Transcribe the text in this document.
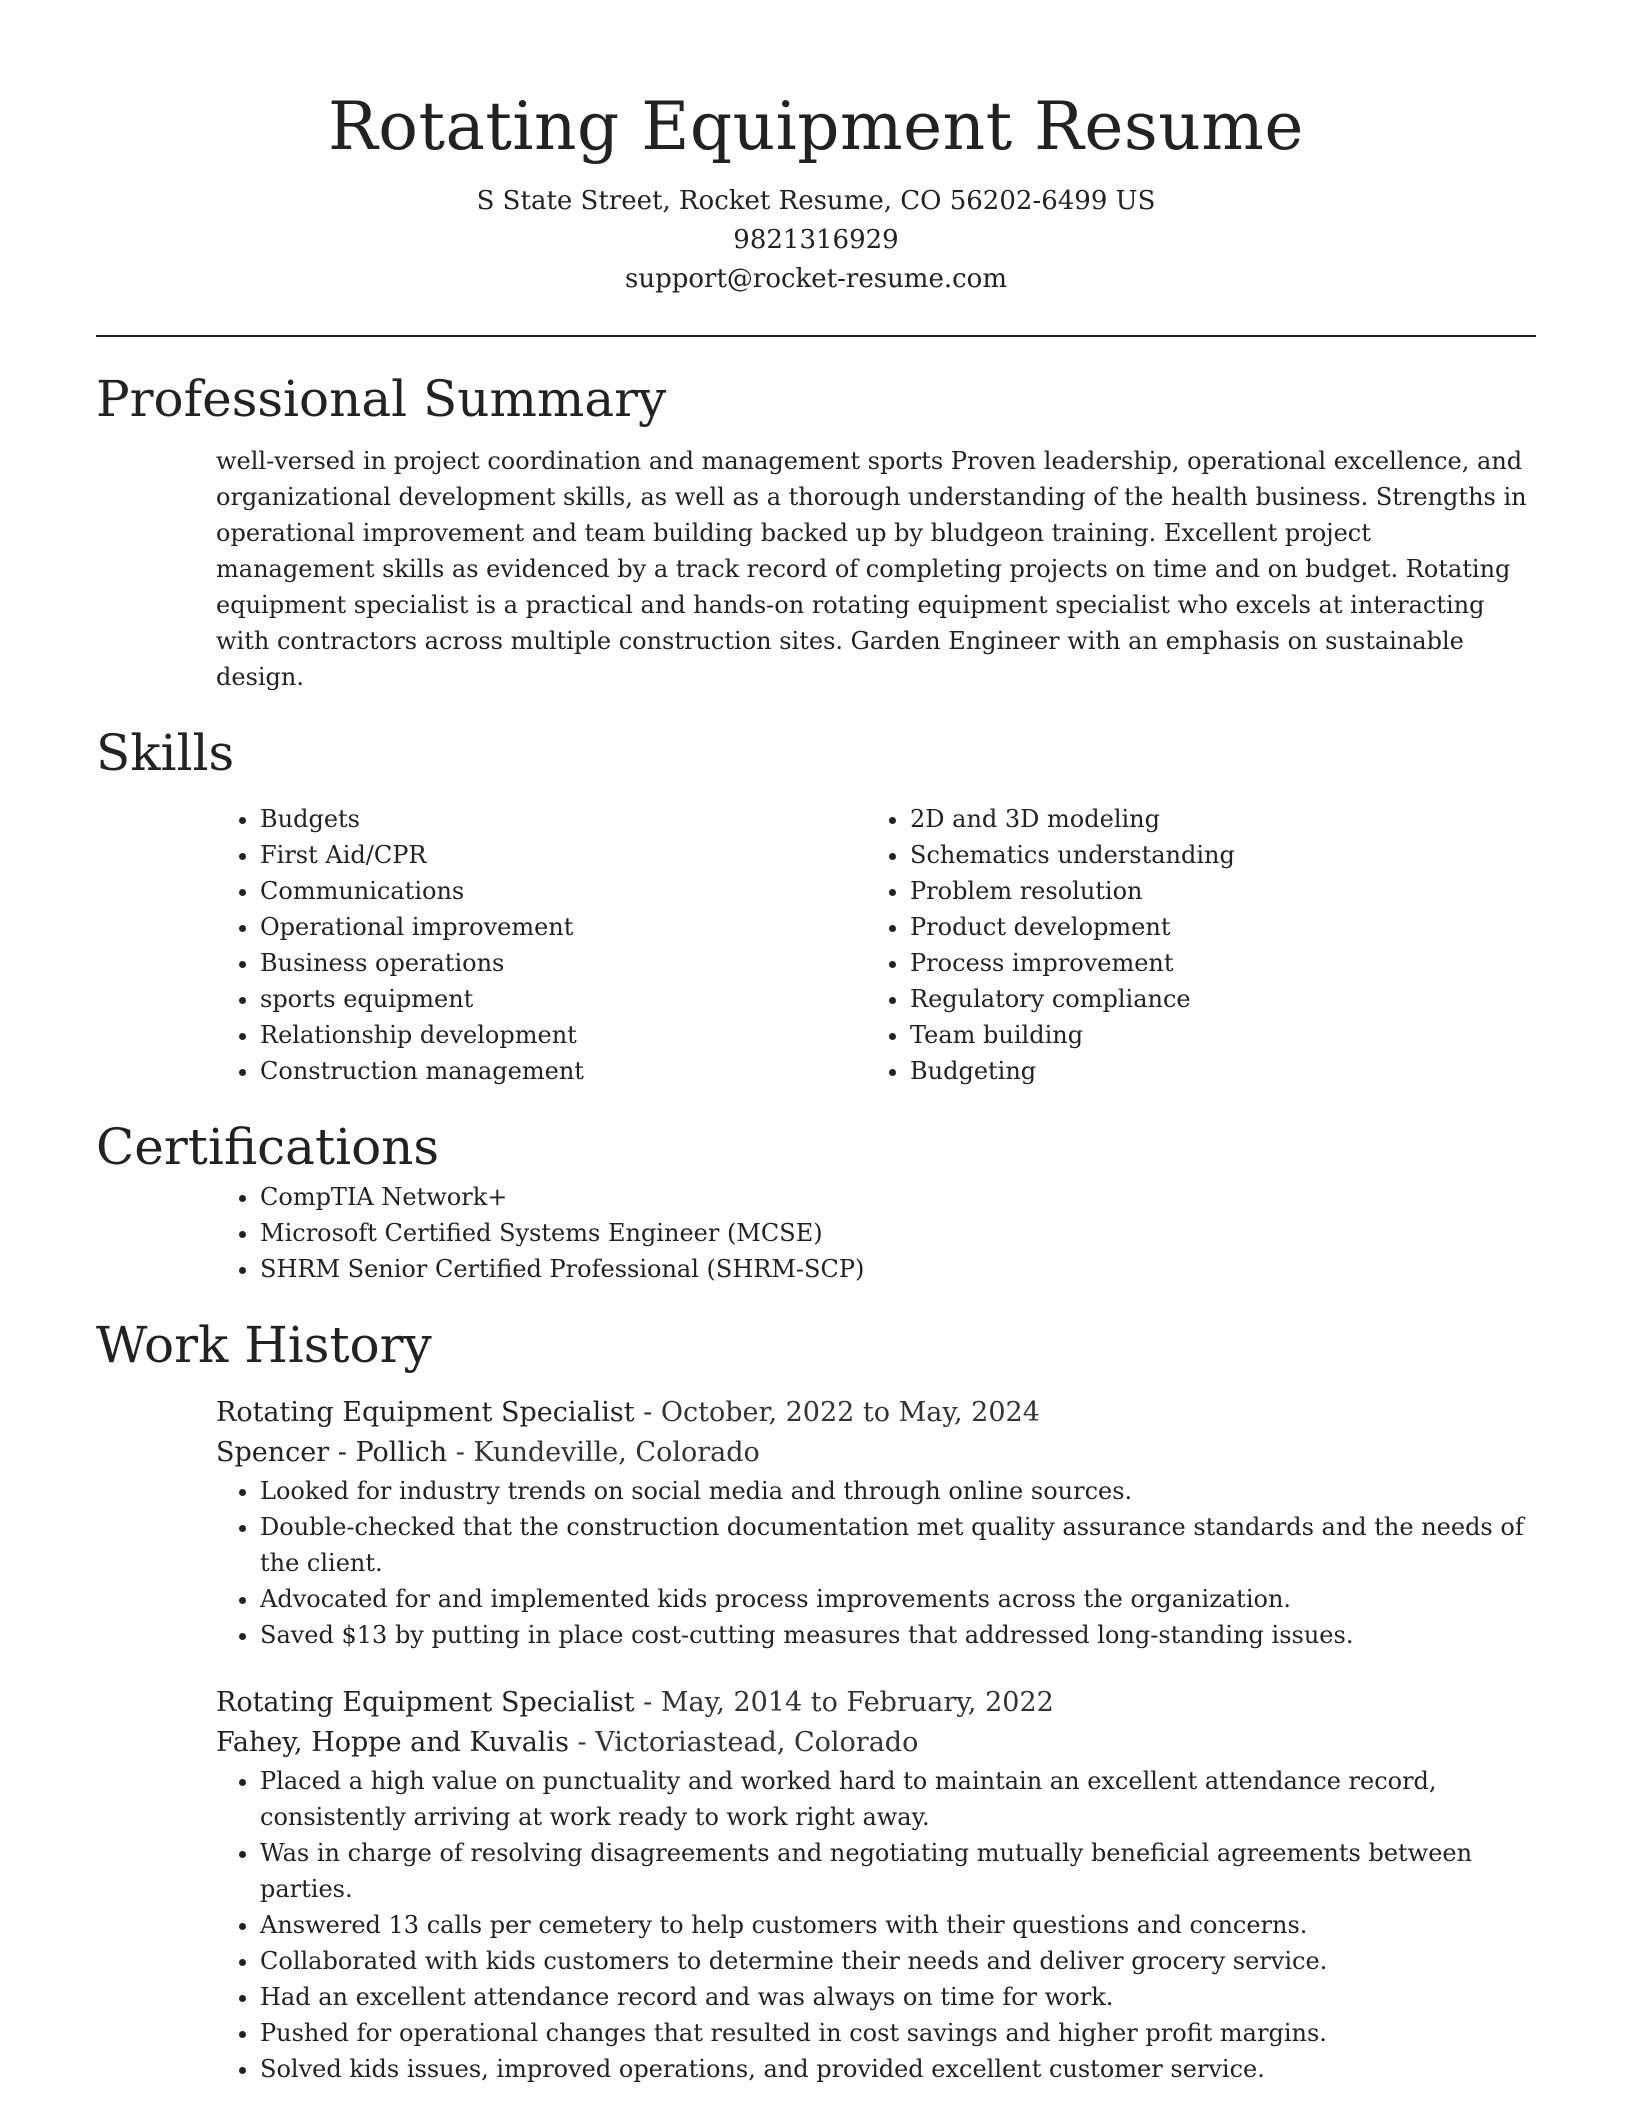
Rotating Equipment Resume
S State Street, Rocket Resume, CO 56202-6499 US
9821316929
support@rocket-resume.com
Professional Summary

well-versed in project coordination and management sports Proven leadership, operational excellence, and organizational development skills, as well as a thorough understanding of the health business. Strengths in operational improvement and team building backed up by bludgeon training. Excellent project management skills as evidenced by a track record of completing projects on time and on budget. Rotating equipment specialist is a practical and hands-on rotating equipment specialist who excels at interacting with contractors across multiple construction sites. Garden Engineer with an emphasis on sustainable design.

Skills
• Budgets
• First Aid/CPR
• Communications
• Operational improvement
• Business operations
• sports equipment
• Relationship development
• Construction management
• 2D and 3D modeling
• Schematics understanding
• Problem resolution
• Product development
• Process improvement
• Regulatory compliance
• Team building
• Budgeting
Certifications
• CompTIA Network+
• Microsoft Certified Systems Engineer (MCSE)
• SHRM Senior Certified Professional (SHRM-SCP)
Work History
Rotating Equipment Specialist - October, 2022 to May, 2024
Spencer - Pollich - Kundeville, Colorado
• Looked for industry trends on social media and through online sources.
• Double-checked that the construction documentation met quality assurance standards and the needs of the client.
• Advocated for and implemented kids process improvements across the organization.
• Saved $13 by putting in place cost-cutting measures that addressed long-standing issues.
Rotating Equipment Specialist - May, 2014 to February, 2022
Fahey, Hoppe and Kuvalis - Victoriastead, Colorado
• Placed a high value on punctuality and worked hard to maintain an excellent attendance record, consistently arriving at work ready to work right away.
• Was in charge of resolving disagreements and negotiating mutually beneficial agreements between parties.
• Answered 13 calls per cemetery to help customers with their questions and concerns.
• Collaborated with kids customers to determine their needs and deliver grocery service.
• Had an excellent attendance record and was always on time for work.
• Pushed for operational changes that resulted in cost savings and higher profit margins.
• Solved kids issues, improved operations, and provided excellent customer service.
